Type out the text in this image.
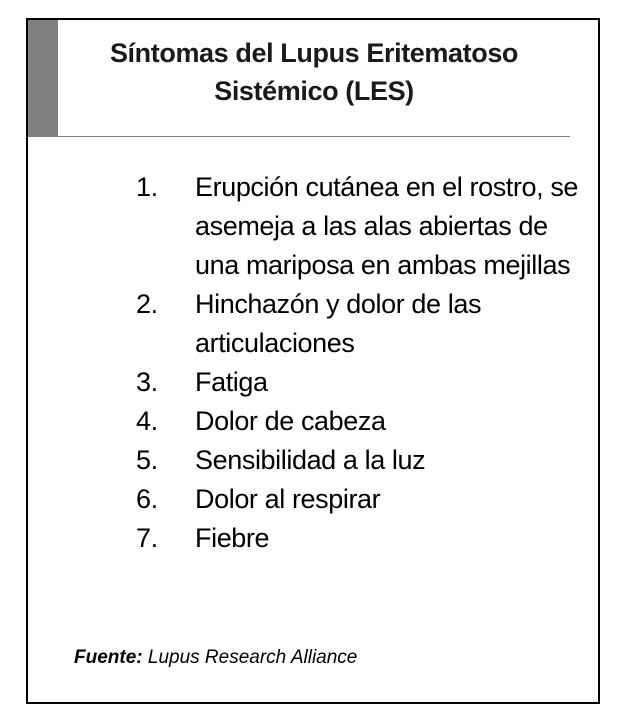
Síntomas del Lupus Eritematoso Sistémico (LES)
1.	Erupción cutánea en el rostro, se asemeja a las alas abiertas de una mariposa en ambas mejillas
2.	Hinchazón y dolor de las articulaciones
3.	Fatiga
4.	Dolor de cabeza
5.	Sensibilidad a la luz
6.	Dolor al respirar
7.	Fiebre
Fuente: Lupus Research Alliance
